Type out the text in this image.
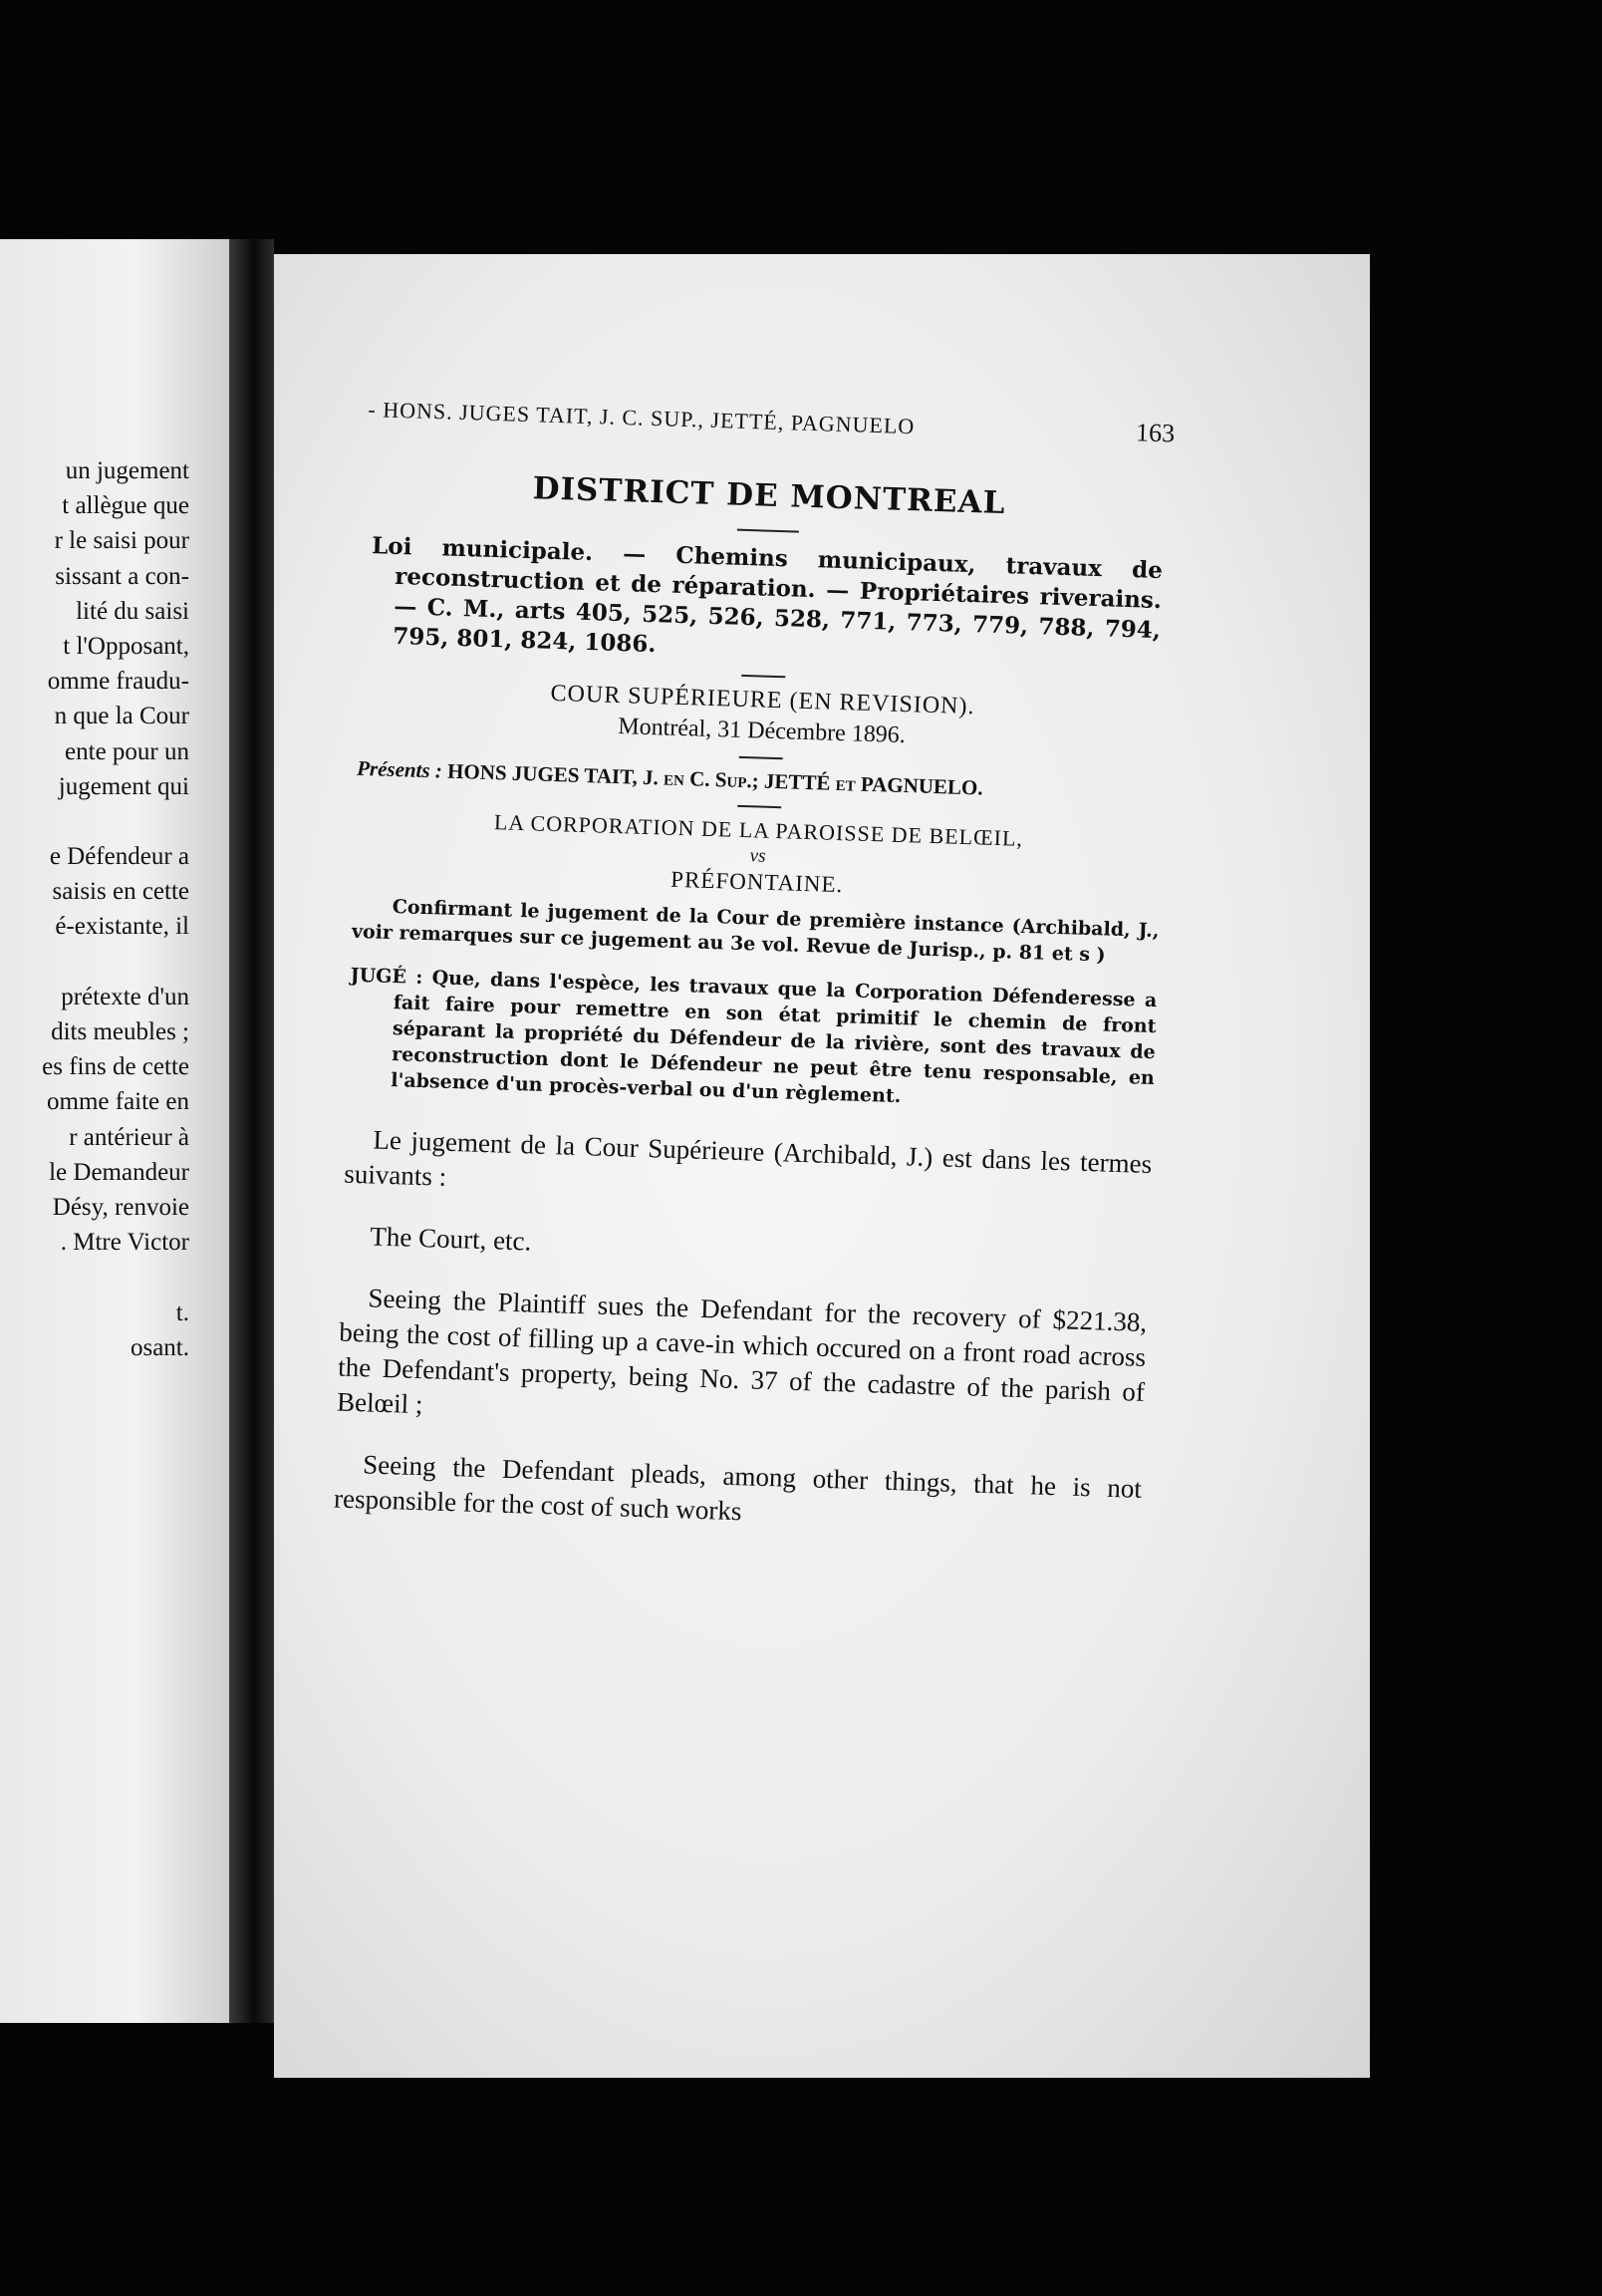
un jugement
t allègue que
r le saisi pour
sissant a con-
lité du saisi
t l'Opposant,
omme fraudu-
n que la Cour
ente pour un
jugement qui
e Défendeur a
saisis en cette
é-existante, il
prétexte d'un
dits meubles ;
es fins de cette
omme faite en
r antérieur à
le Demandeur
Désy, renvoie
. Mtre Victor
t.
osant.
- HONS. JUGES TAIT, J. C. SUP., JETTÉ, PAGNUELO	163
DISTRICT DE MONTREAL
Loi municipale. — Chemins municipaux, travaux de reconstruction et de réparation. — Propriétaires riverains. — C. M., arts 405, 525, 526, 528, 771, 773, 779, 788, 794, 795, 801, 824, 1086.
COUR SUPÉRIEURE (EN REVISION).
Montréal, 31 Décembre 1896.
Présents : HONS JUGES TAIT, J. en C. Sup.; JETTÉ et PAGNUELO.
LA CORPORATION DE LA PAROISSE DE BELŒIL,
vs
PRÉFONTAINE.
Confirmant le jugement de la Cour de première instance (Archibald, J., voir remarques sur ce jugement au 3e vol. Revue de Jurisp., p. 81 et s )
JUGÉ : Que, dans l'espèce, les travaux que la Corporation Défenderesse a fait faire pour remettre en son état primitif le chemin de front séparant la propriété du Défendeur de la rivière, sont des travaux de reconstruction dont le Défendeur ne peut être tenu responsable, en l'absence d'un procès-verbal ou d'un règlement.

Le jugement de la Cour Supérieure (Archibald, J.) est dans les termes suivants :

The Court, etc.

Seeing the Plaintiff sues the Defendant for the recovery of $221.38, being the cost of filling up a cave-in which occured on a front road across the Defendant's property, being No. 37 of the cadastre of the parish of Belœil ;

Seeing the Defendant pleads, among other things, that he is not responsible for the cost of such works
